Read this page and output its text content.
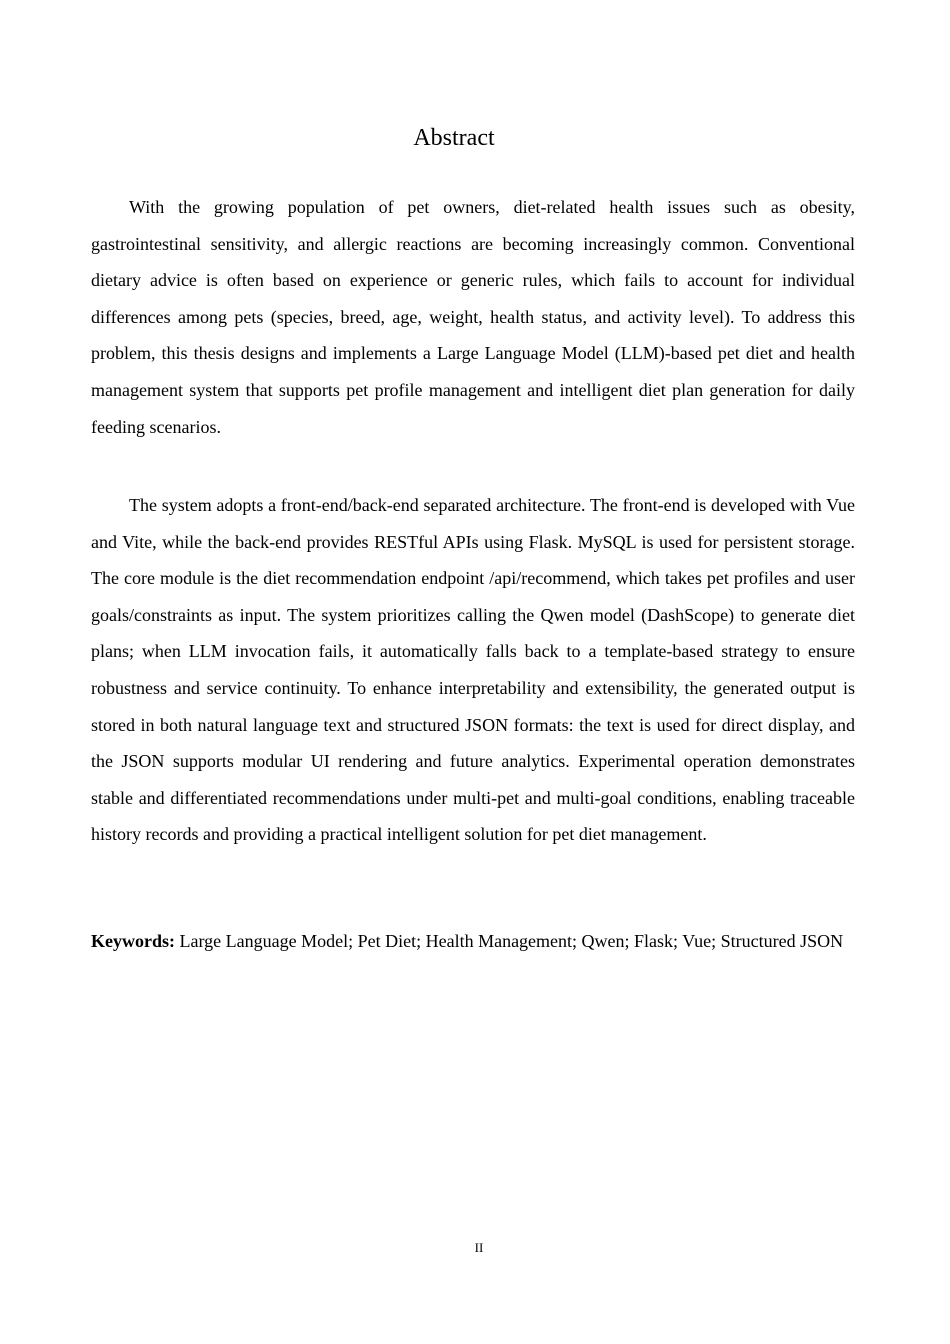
Abstract

With the growing population of pet owners, diet-related health issues such as obesity, gastrointestinal sensitivity, and allergic reactions are becoming increasingly common. Conventional dietary advice is often based on experience or generic rules, which fails to account for individual differences among pets (species, breed, age, weight, health status, and activity level). To address this problem, this thesis designs and implements a Large Language Model (LLM)-based pet diet and health management system that supports pet profile management and intelligent diet plan generation for daily feeding scenarios.

The system adopts a front-end/back-end separated architecture. The front-end is developed with Vue and Vite, while the back-end provides RESTful APIs using Flask. MySQL is used for persistent storage. The core module is the diet recommendation endpoint /api/recommend, which takes pet profiles and user goals/constraints as input. The system prioritizes calling the Qwen model (DashScope) to generate diet plans; when LLM invocation fails, it automatically falls back to a template-based strategy to ensure robustness and service continuity. To enhance interpretability and extensibility, the generated output is stored in both natural language text and structured JSON formats: the text is used for direct display, and the JSON supports modular UI rendering and future analytics. Experimental operation demonstrates stable and differentiated recommendations under multi-pet and multi-goal conditions, enabling traceable history records and providing a practical intelligent solution for pet diet management.

Keywords: Large Language Model; Pet Diet; Health Management; Qwen; Flask; Vue; Structured JSON

II
